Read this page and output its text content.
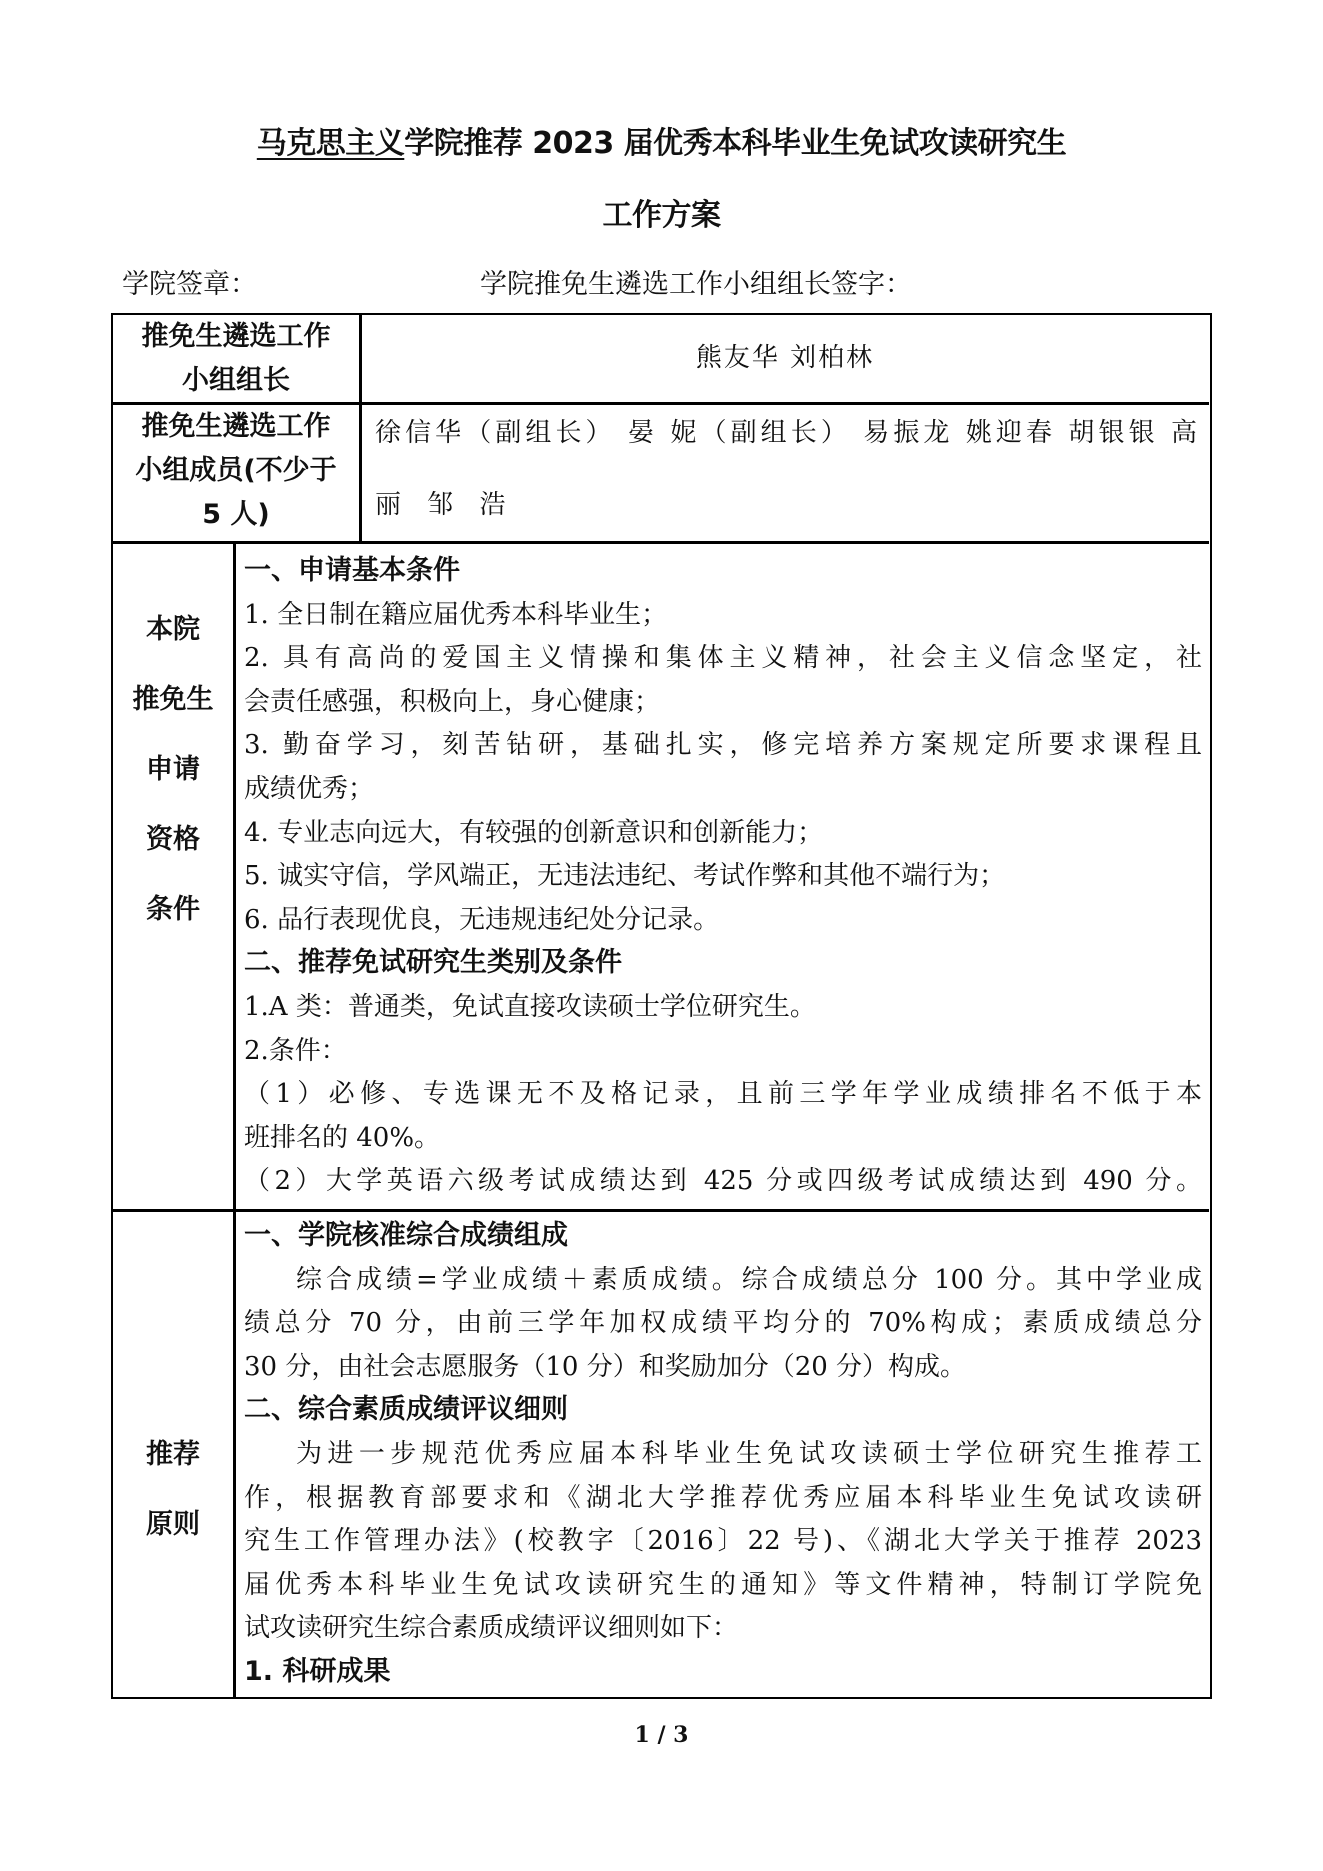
马克思主义学院推荐 2023 届优秀本科毕业生免试攻读研究生
工作方案
学院签章：	学院推免生遴选工作小组组长签字：
推免生遴选工作
小组组长
熊友华 刘柏林
推免生遴选工作
小组成员(不少于
5 人)
徐信华（副组长） 晏 妮（副组长） 易振龙 姚迎春 胡银银 高
丽 邹 浩
本院
推免生
申请
资格
条件
一、申请基本条件
1. 全日制在籍应届优秀本科毕业生；
2. 具有高尚的爱国主义情操和集体主义精神，社会主义信念坚定，社
会责任感强，积极向上，身心健康；
3. 勤奋学习，刻苦钻研，基础扎实，修完培养方案规定所要求课程且
成绩优秀；
4. 专业志向远大，有较强的创新意识和创新能力；
5. 诚实守信，学风端正，无违法违纪、考试作弊和其他不端行为；
6. 品行表现优良，无违规违纪处分记录。
二、推荐免试研究生类别及条件
1.A 类：普通类，免试直接攻读硕士学位研究生。
2.条件：
（1）必修、专选课无不及格记录，且前三学年学业成绩排名不低于本
班排名的 40%。
（2）大学英语六级考试成绩达到 425 分或四级考试成绩达到 490 分。
推荐
原则
一、学院核准综合成绩组成
综合成绩=学业成绩＋素质成绩。综合成绩总分 100 分。其中学业成
绩总分 70 分，由前三学年加权成绩平均分的 70%构成；素质成绩总分
30 分，由社会志愿服务（10 分）和奖励加分（20 分）构成。
二、综合素质成绩评议细则
为进一步规范优秀应届本科毕业生免试攻读硕士学位研究生推荐工
作，根据教育部要求和《湖北大学推荐优秀应届本科毕业生免试攻读研
究生工作管理办法》(校教字〔2016〕22 号)、《湖北大学关于推荐 2023
届优秀本科毕业生免试攻读研究生的通知》等文件精神，特制订学院免
试攻读研究生综合素质成绩评议细则如下：
1. 科研成果
1 / 3
